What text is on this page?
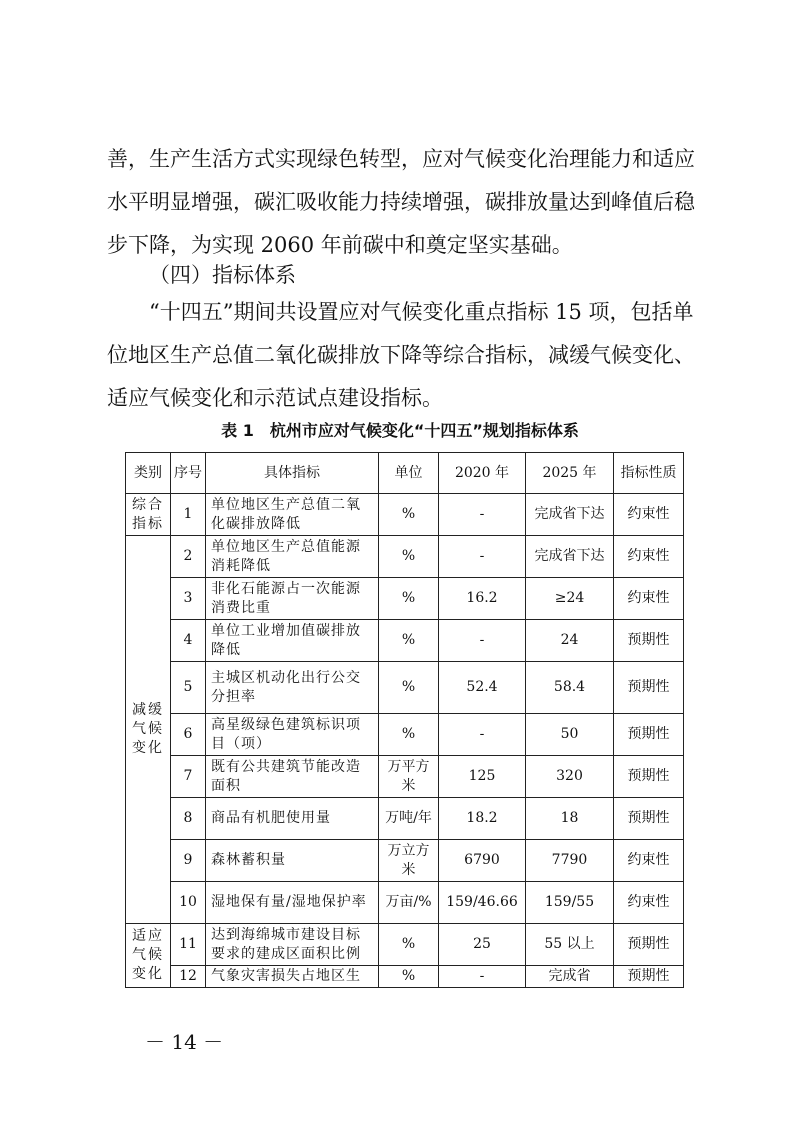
善，生产生活方式实现绿色转型，应对气候变化治理能力和适应水平明显增强，碳汇吸收能力持续增强，碳排放量达到峰值后稳步下降，为实现 2060 年前碳中和奠定坚实基础。

（四）指标体系

“十四五”期间共设置应对气候变化重点指标 15 项，包括单位地区生产总值二氧化碳排放下降等综合指标，减缓气候变化、适应气候变化和示范试点建设指标。

表 1　杭州市应对气候变化“十四五”规划指标体系
类别	序号	具体指标	单位	2020 年	2025 年	指标性质
综合指标	1	单位地区生产总值二氧化碳排放降低	%	-	完成省下达	约束性
减缓气候变化	2	单位地区生产总值能源消耗降低	%	-	完成省下达	约束性
	3	非化石能源占一次能源消费比重	%	16.2	≥24	约束性
	4	单位工业增加值碳排放降低	%	-	24	预期性
	5	主城区机动化出行公交分担率	%	52.4	58.4	预期性
	6	高星级绿色建筑标识项目（项）	%	-	50	预期性
	7	既有公共建筑节能改造面积	万平方米	125	320	预期性
	8	商品有机肥使用量	万吨/年	18.2	18	预期性
	9	森林蓄积量	万立方米	6790	7790	约束性
	10	湿地保有量/湿地保护率	万亩/%	159/46.66	159/55	约束性
适应气候变化	11	达到海绵城市建设目标要求的建成区面积比例	%	25	55 以上	预期性
	12	气象灾害损失占地区生	%	-	完成省	预期性
－ 14 －
